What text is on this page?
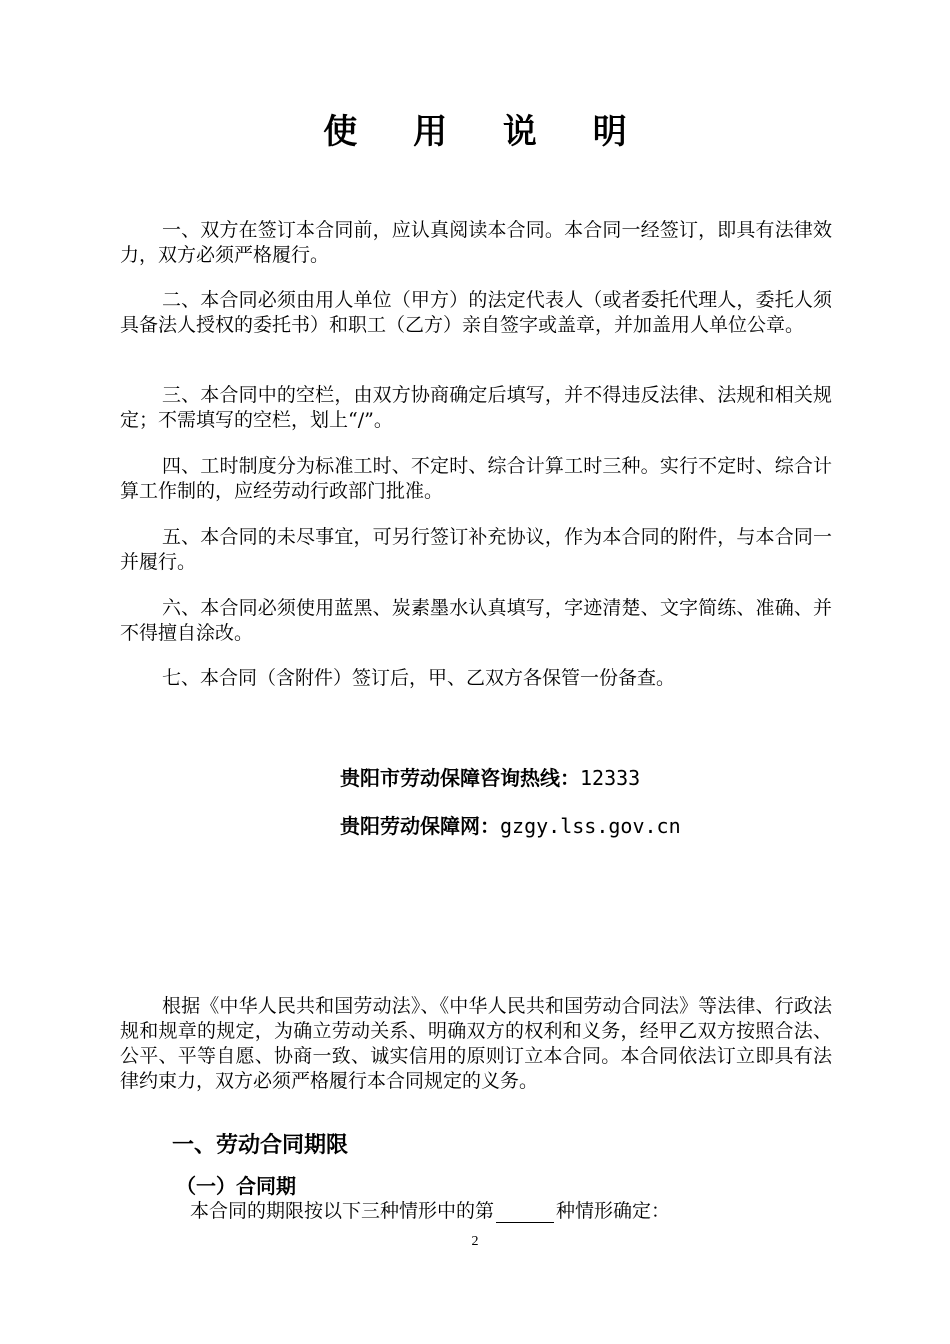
使 用 说 明

一、双方在签订本合同前，应认真阅读本合同。本合同一经签订，即具有法律效力，双方必须严格履行。

二、本合同必须由用人单位（甲方）的法定代表人（或者委托代理人，委托人须具备法人授权的委托书）和职工（乙方）亲自签字或盖章，并加盖用人单位公章。

三、本合同中的空栏，由双方协商确定后填写，并不得违反法律、法规和相关规定；不需填写的空栏，划上“/”。

四、工时制度分为标准工时、不定时、综合计算工时三种。实行不定时、综合计算工作制的，应经劳动行政部门批准。

五、本合同的未尽事宜，可另行签订补充协议，作为本合同的附件，与本合同一并履行。

六、本合同必须使用蓝黑、炭素墨水认真填写，字迹清楚、文字简练、准确、并不得擅自涂改。

七、本合同（含附件）签订后，甲、乙双方各保管一份备查。

贵阳市劳动保障咨询热线：12333
贵阳劳动保障网：gzgy.lss.gov.cn

根据《中华人民共和国劳动法》、《中华人民共和国劳动合同法》等法律、行政法规和规章的规定，为确立劳动关系、明确双方的权利和义务，经甲乙双方按照合法、公平、平等自愿、协商一致、诚实信用的原则订立本合同。本合同依法订立即具有法律约束力，双方必须严格履行本合同规定的义务。

一、劳动合同期限
（一）合同期
本合同的期限按以下三种情形中的第	种情形确定：
2
